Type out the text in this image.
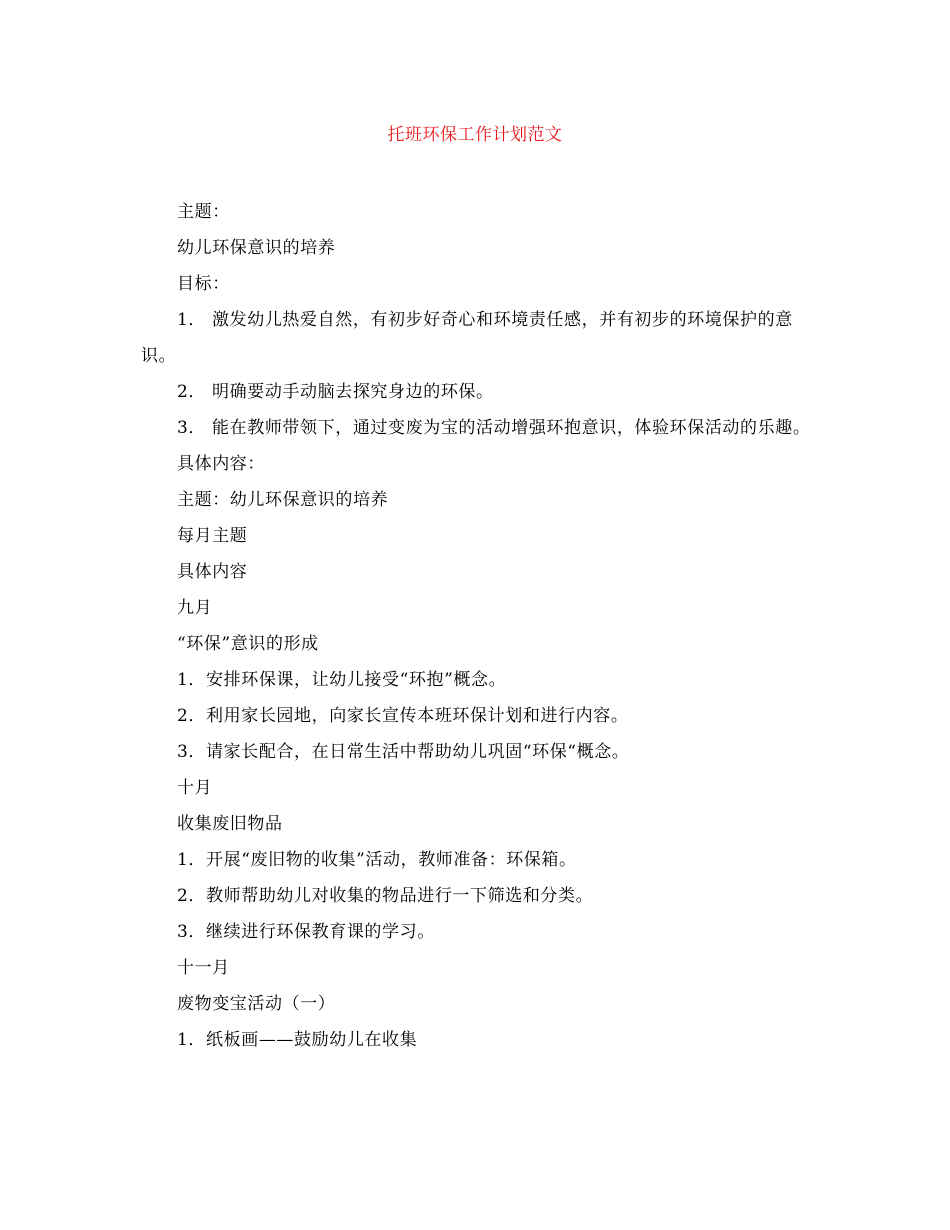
托班环保工作计划范文
主题：
幼儿环保意识的培养
目标：
1． 激发幼儿热爱自然，有初步好奇心和环境责任感，并有初步的环境保护的意识。
2． 明确要动手动脑去探究身边的环保。
3． 能在教师带领下，通过变废为宝的活动增强环抱意识，体验环保活动的乐趣。
具体内容：
主题：幼儿环保意识的培养
每月主题
具体内容
九月
“环保”意识的形成
1．安排环保课，让幼儿接受“环抱”概念。
2．利用家长园地，向家长宣传本班环保计划和进行内容。
3．请家长配合，在日常生活中帮助幼儿巩固“环保“概念。
十月
收集废旧物品
1．开展“废旧物的收集”活动，教师准备：环保箱。
2．教师帮助幼儿对收集的物品进行一下筛选和分类。
3．继续进行环保教育课的学习。
十一月
废物变宝活动（一）
1．纸板画——鼓励幼儿在收集
